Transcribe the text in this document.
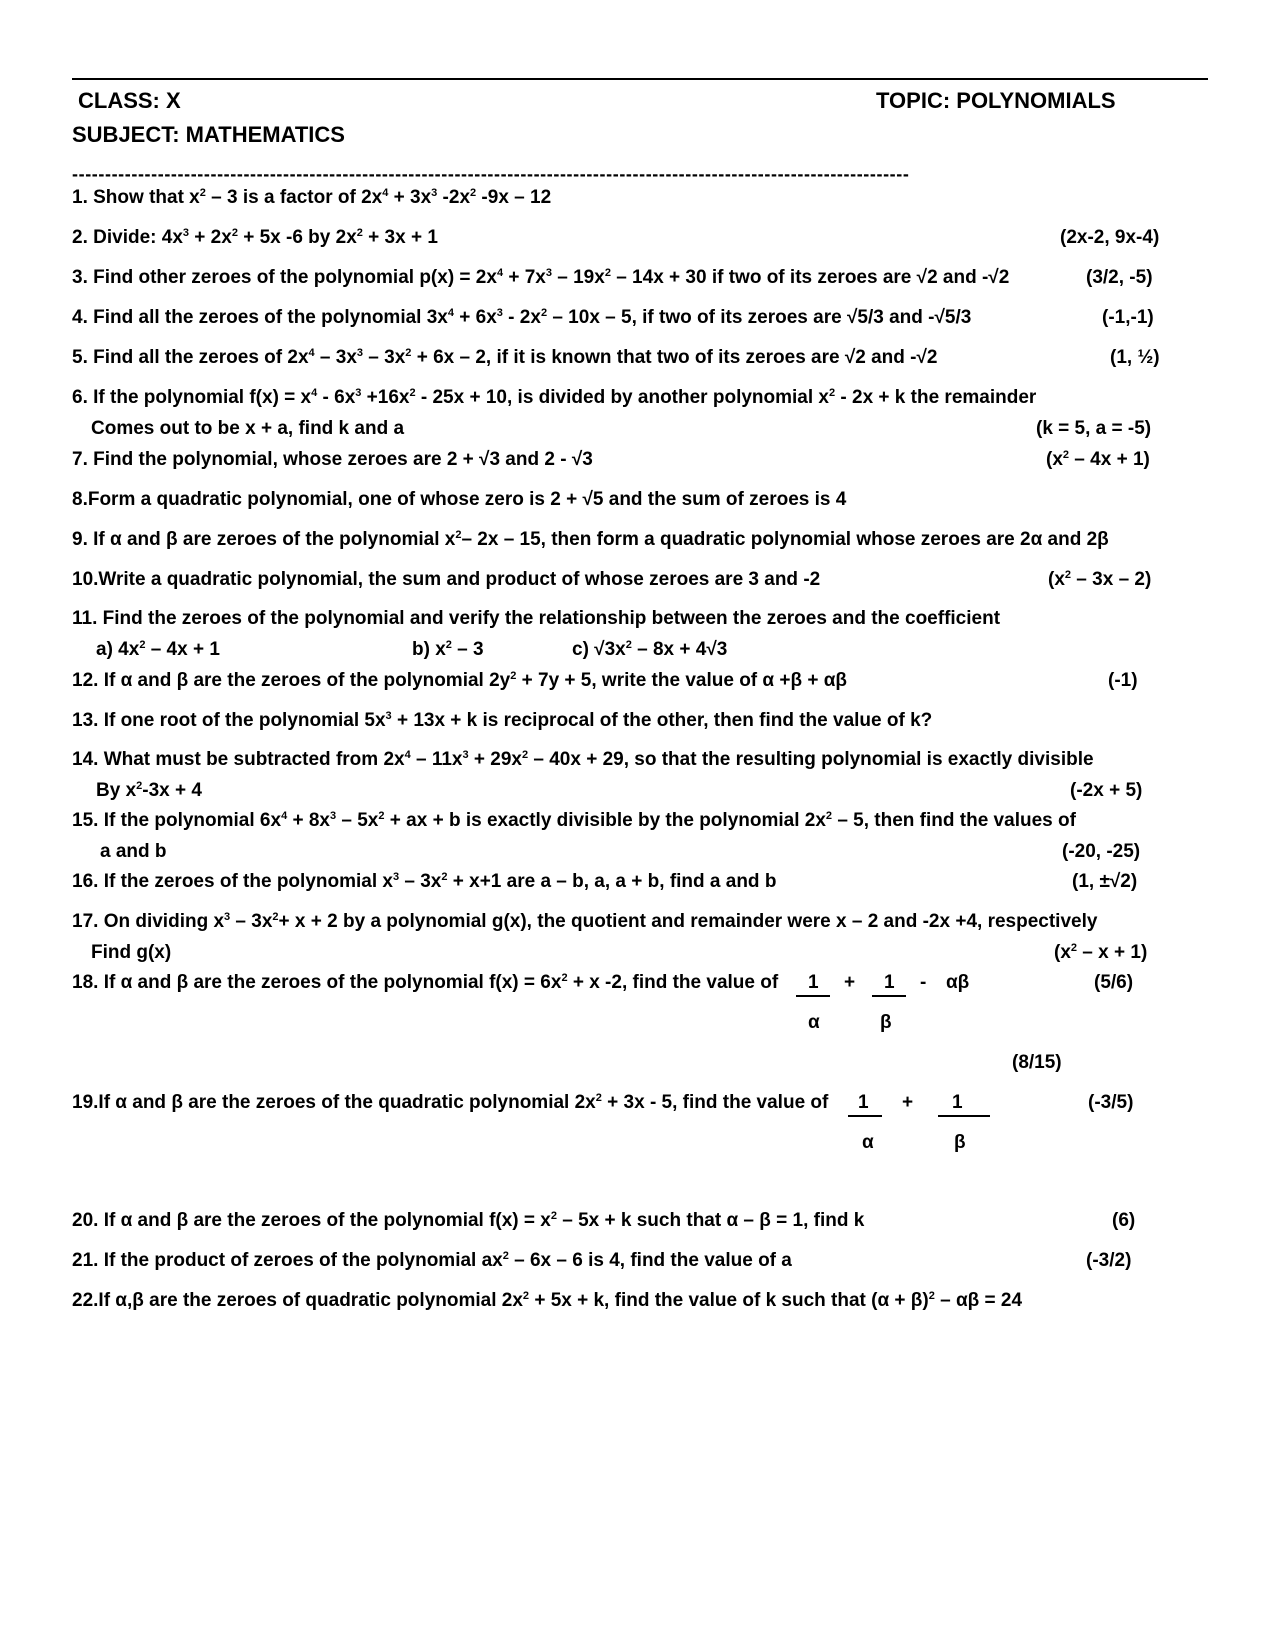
CLASS: X	TOPIC: POLYNOMIALS
SUBJECT: MATHEMATICS
-------------------------------------------------------------------------------------------------------------------------------
1. Show that $x^2 - 3$ is a factor of $2x^4 + 3x^3$ $-2x^2$ -9x – 12
2. Divide: $4x^3 + 2x^2 + 5x$ -6 by $2x^2 + 3x + 1$	(2x-2, 9x-4)
3. Find other zeroes of the polynomial $p(x) = 2x^4 + 7x^3 - 19x^2 - 14x + 30$ if two of its zeroes are √2 and -√2	(3/2, -5)
4. Find all the zeroes of the polynomial $3x^4 + 6x^3 - 2x^2 - 10x - 5$, if two of its zeroes are √5/3 and -√5/3	(-1,-1)
5. Find all the zeroes of $2x^4 - 3x^3 - 3x^2 + 6x - 2$, if it is known that two of its zeroes are √2 and -√2	(1, ½)
6. If the polynomial $f(x) = x^4 - 6x^3 +16x^2 - 25x + 10$, is divided by another polynomial $x^2 - 2x + k$ the remainder
Comes out to be x + a, find k and a	(k = 5, a = -5)
7. Find the polynomial, whose zeroes are 2 + √3 and 2 - √3	$(x^2 - 4x + 1)$
8.Form a quadratic polynomial, one of whose zero is 2 + √5 and the sum of zeroes is 4
9. If α and β are zeroes of the polynomial $x^2-$ 2x – 15, then form a quadratic polynomial whose zeroes are 2α and 2β
10.Write a quadratic polynomial, the sum and product of whose zeroes are 3 and -2	$(x^2 - 3x - 2)$
11. Find the zeroes of the polynomial and verify the relationship between the zeroes and the coefficient
a) $4x^2 - 4x + 1$	b) $x^2 - 3$	c) $√3x^2 - 8x + 4√3$
12. If α and β are the zeroes of the polynomial $2y^2 + 7y + 5$, write the value of α +β + αβ	(-1)
13. If one root of the polynomial $5x^3 + 13x + k$ is reciprocal of the other, then find the value of k?
14. What must be subtracted from $2x^4 - 11x^3 + 29x^2 - 40x + 29$, so that the resulting polynomial is exactly divisible
By $x^2-3x + 4$	(-2x + 5)
15. If the polynomial $6x^4 + 8x^3 - 5x^2$ + ax + b is exactly divisible by the polynomial $2x^2 - 5$, then find the values of
a and b	(-20, -25)
16. If the zeroes of the polynomial $x^3 - 3x^2 + x+1$ are a – b, a, a + b, find a and b	(1, ±√2)
17. On dividing $x^3 - 3x^2+ x + 2$ by a polynomial g(x), the quotient and remainder were x – 2 and -2x +4, respectively
Find g(x)	$(x^2 - x + 1)$
18. If α and β are the zeroes of the polynomial $f(x) = 6x^2 + x$ -2, find the value of	(5/6)
1 + 1 - αβ
α	β
(8/15)
19.If α and β are the zeroes of the quadratic polynomial $2x^2 + 3x - 5$, find the value of	(-3/5)
1 + 1
α	β
20. If α and β are the zeroes of the polynomial $f(x) = x^2 - 5x + k$ such that α – β = 1, find k	(6)
21. If the product of zeroes of the polynomial $ax^2 - 6x - 6$ is 4, find the value of a	(-3/2)
22.If α,β are the zeroes of quadratic polynomial $2x^2 + 5x + k$, find the value of k such that $(\alpha + \beta)^2 - \alpha\beta = 24$
